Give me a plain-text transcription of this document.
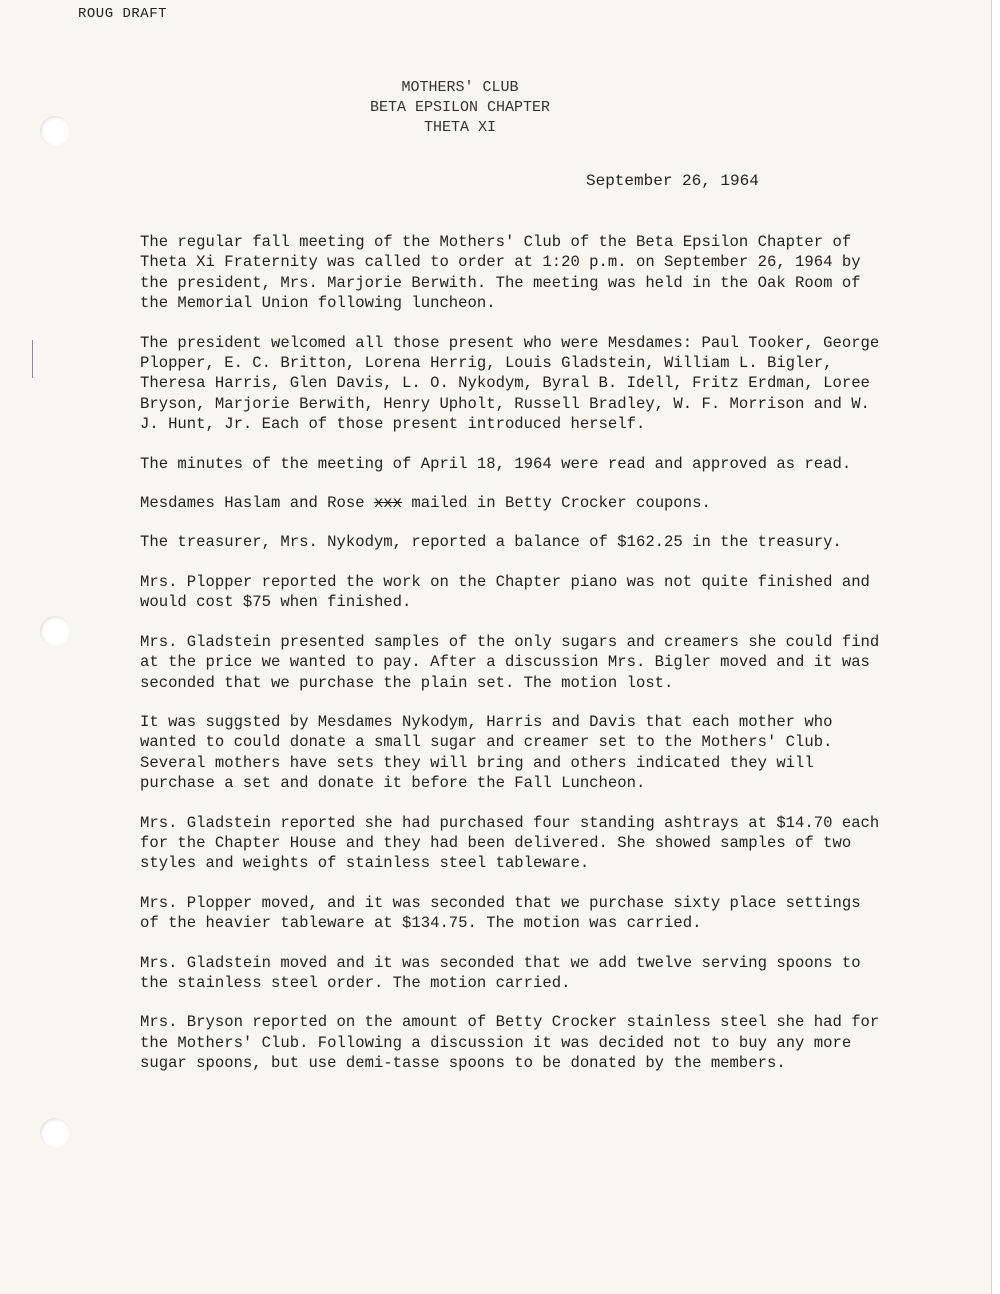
ROUG DRAFT
MOTHERS' CLUB
BETA EPSILON CHAPTER
THETA XI
September 26, 1964

The regular fall meeting of the Mothers' Club of the Beta Epsilon Chapter of Theta Xi Fraternity was called to order at 1:20 p.m. on September 26, 1964 by the president, Mrs. Marjorie Berwith. The meeting was held in the Oak Room of the Memorial Union following luncheon.

The president welcomed all those present who were Mesdames: Paul Tooker, George Plopper, E. C. Britton, Lorena Herrig, Louis Gladstein, William L. Bigler, Theresa Harris, Glen Davis, L. O. Nykodym, Byral B. Idell, Fritz Erdman, Loree Bryson, Marjorie Berwith, Henry Upholt, Russell Bradley, W. F. Morrison and W. J. Hunt, Jr. Each of those present introduced herself.

The minutes of the meeting of April 18, 1964 were read and approved as read.

Mesdames Haslam and Rose xxx mailed in Betty Crocker coupons.

The treasurer, Mrs. Nykodym, reported a balance of $162.25 in the treasury.

Mrs. Plopper reported the work on the Chapter piano was not quite finished and would cost $75 when finished.

Mrs. Gladstein presented samples of the only sugars and creamers she could find at the price we wanted to pay. After a discussion Mrs. Bigler moved and it was seconded that we purchase the plain set. The motion lost.

It was suggsted by Mesdames Nykodym, Harris and Davis that each mother who wanted to could donate a small sugar and creamer set to the Mothers' Club. Several mothers have sets they will bring and others indicated they will purchase a set and donate it before the Fall Luncheon.

Mrs. Gladstein reported she had purchased four standing ashtrays at $14.70 each for the Chapter House and they had been delivered. She showed samples of two styles and weights of stainless steel tableware.

Mrs. Plopper moved, and it was seconded that we purchase sixty place settings of the heavier tableware at $134.75. The motion was carried.

Mrs. Gladstein moved and it was seconded that we add twelve serving spoons to the stainless steel order. The motion carried.

Mrs. Bryson reported on the amount of Betty Crocker stainless steel she had for the Mothers' Club. Following a discussion it was decided not to buy any more sugar spoons, but use demi-tasse spoons to be donated by the members.
